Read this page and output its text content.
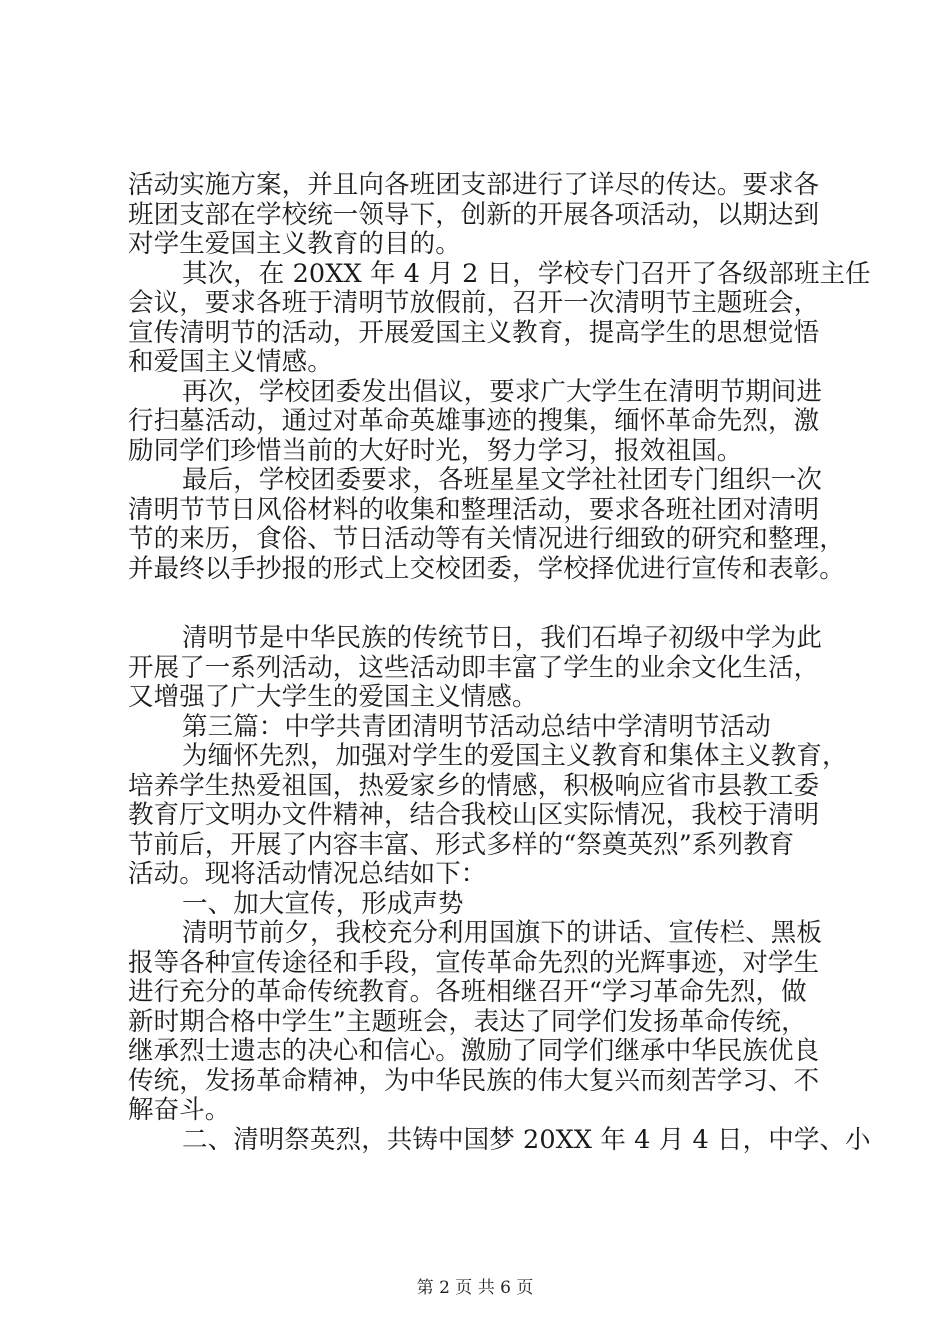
活动实施方案，并且向各班团支部进行了详尽的传达。要求各
班团支部在学校统一领导下，创新的开展各项活动，以期达到
对学生爱国主义教育的目的。
其次，在 20XX 年 4 月 2 日，学校专门召开了各级部班主任
会议，要求各班于清明节放假前，召开一次清明节主题班会，
宣传清明节的活动，开展爱国主义教育，提高学生的思想觉悟
和爱国主义情感。
再次，学校团委发出倡议，要求广大学生在清明节期间进
行扫墓活动，通过对革命英雄事迹的搜集，缅怀革命先烈，激
励同学们珍惜当前的大好时光，努力学习，报效祖国。
最后，学校团委要求，各班星星文学社社团专门组织一次
清明节节日风俗材料的收集和整理活动，要求各班社团对清明
节的来历，食俗、节日活动等有关情况进行细致的研究和整理，
并最终以手抄报的形式上交校团委，学校择优进行宣传和表彰。
清明节是中华民族的传统节日，我们石埠子初级中学为此
开展了一系列活动，这些活动即丰富了学生的业余文化生活，
又增强了广大学生的爱国主义情感。
第三篇：中学共青团清明节活动总结中学清明节活动
为缅怀先烈，加强对学生的爱国主义教育和集体主义教育，
培养学生热爱祖国，热爱家乡的情感，积极响应省市县教工委
教育厅文明办文件精神，结合我校山区实际情况，我校于清明
节前后，开展了内容丰富、形式多样的“祭奠英烈”系列教育
活动。现将活动情况总结如下：
一、加大宣传，形成声势
清明节前夕，我校充分利用国旗下的讲话、宣传栏、黑板
报等各种宣传途径和手段，宣传革命先烈的光辉事迹，对学生
进行充分的革命传统教育。各班相继召开“学习革命先烈，做
新时期合格中学生”主题班会，表达了同学们发扬革命传统，
继承烈士遗志的决心和信心。激励了同学们继承中华民族优良
传统，发扬革命精神，为中华民族的伟大复兴而刻苦学习、不
解奋斗。
二、清明祭英烈，共铸中国梦 20XX 年 4 月 4 日，中学、小
第 2 页 共 6 页
